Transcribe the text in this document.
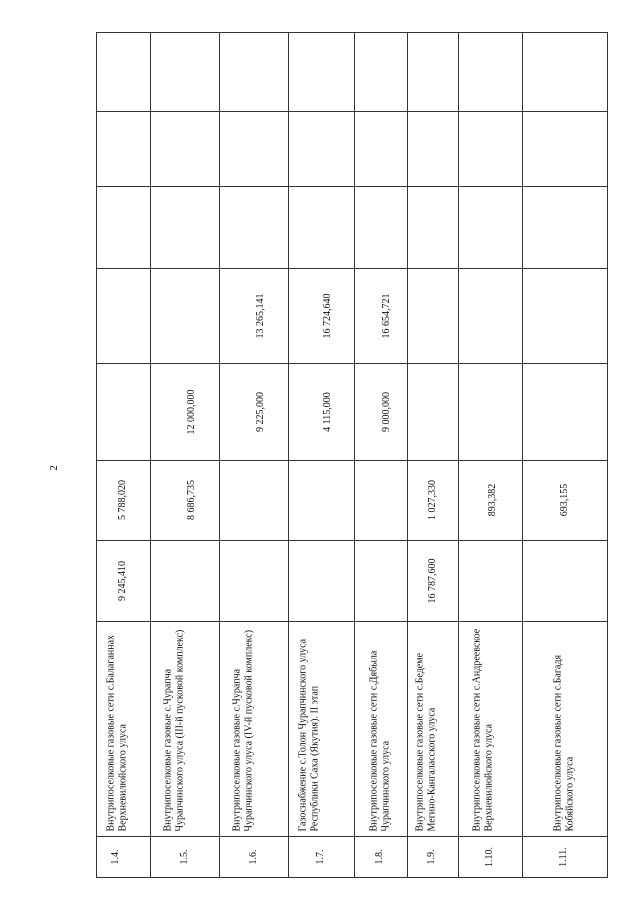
2
1.4.
Внутрипоселковые газовые сети с.Балаганнах Верхневилюйского улуса
9 245,410
5 788,020
1.5.
Внутрипоселковые газовые с.Чурапча Чурапчинского улуса (III-й пусковой комплекс)
8 686,735
12 000,000
1.6.
Внутрипоселковые газовые с.Чурапча Чурапчинского улуса (IV-й пусковой комплекс)
9 225,000
13 265,141
1.7.
Газоснабжение с.Толон Чурапчинского улуса Республики Саха (Якутия). II этап
4 115,000
16 724,640
1.8.
Внутрипоселковые газовые сети с.Дябыла Чурапчинского улуса
9 000,000
16 654,721
1.9.
Внутрипоселковые газовые сети с.Бедеме Мегино-Кангаласского улуса
16 787,600
1 027,330
1.10.
Внутрипоселковые газовые сети с.Андреевское Верхневилюйского улуса
893,382
1.11.
Внутрипоселковые газовые сети с.Багадя Кобяйского улуса
693,155
